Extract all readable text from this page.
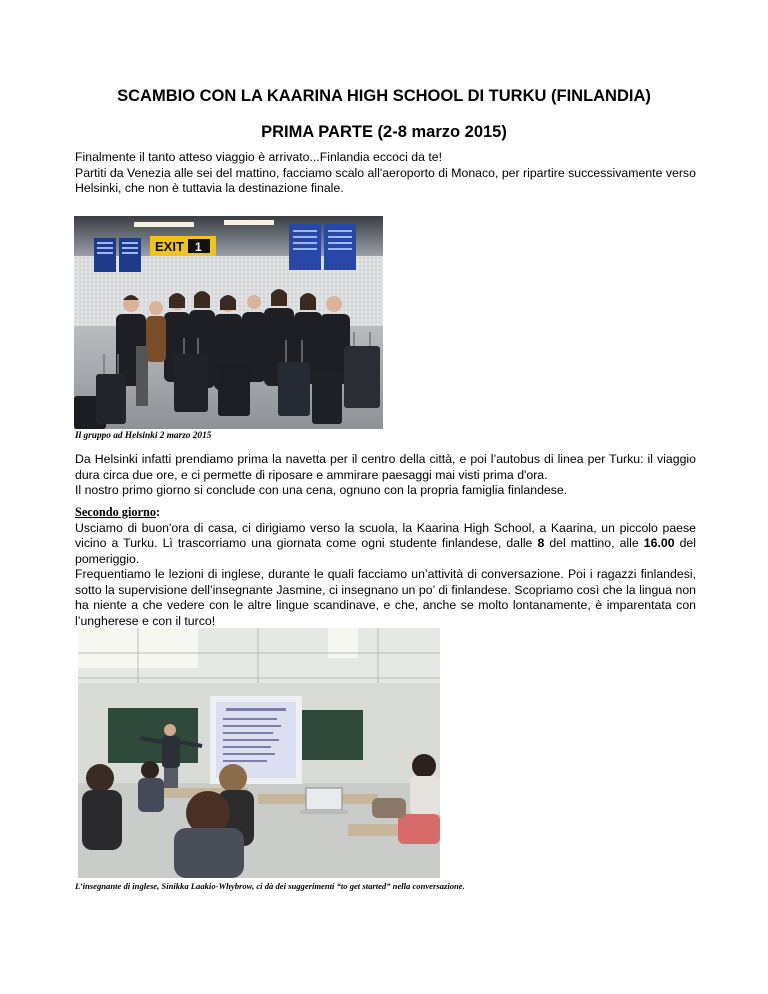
SCAMBIO CON LA KAARINA HIGH SCHOOL DI TURKU (FINLANDIA)
PRIMA PARTE (2-8 marzo 2015)

Finalmente il tanto atteso viaggio è arrivato...Finlandia eccoci da te!

Partiti da Venezia alle sei del mattino, facciamo scalo all'aeroporto di Monaco, per ripartire successivamente verso Helsinki, che non è tuttavia la destinazione finale.

EXIT 1
Il gruppo ad Helsinki 2 marzo 2015

Da Helsinki infatti prendiamo prima la navetta per il centro della città, e poi l’autobus di linea per Turku: il viaggio dura circa due ore, e ci permette di riposare e ammirare paesaggi mai visti prima d'ora.

Il nostro primo giorno si conclude con una cena, ognuno con la propria famiglia finlandese.

Secondo giorno:

Usciamo di buon'ora di casa, ci dirigiamo verso la scuola, la Kaarina High School, a Kaarina, un piccolo paese vicino a Turku. Lì trascorriamo una giornata come ogni studente finlandese, dalle 8 del mattino, alle 16.00 del pomeriggio.

Frequentiamo le lezioni di inglese, durante le quali facciamo un’attività di conversazione. Poi i ragazzi finlandesi, sotto la supervisione dell’insegnante Jasmine, ci insegnano un po’ di finlandese. Scopriamo così che la lingua non ha niente a che vedere con le altre lingue scandinave, e che, anche se molto lontanamente, è imparentata con l’ungherese e con il turco!

L’insegnante di inglese, Sinikka Laakio-Whybrow, ci dà dei suggerimenti “to get started” nella conversazione.
